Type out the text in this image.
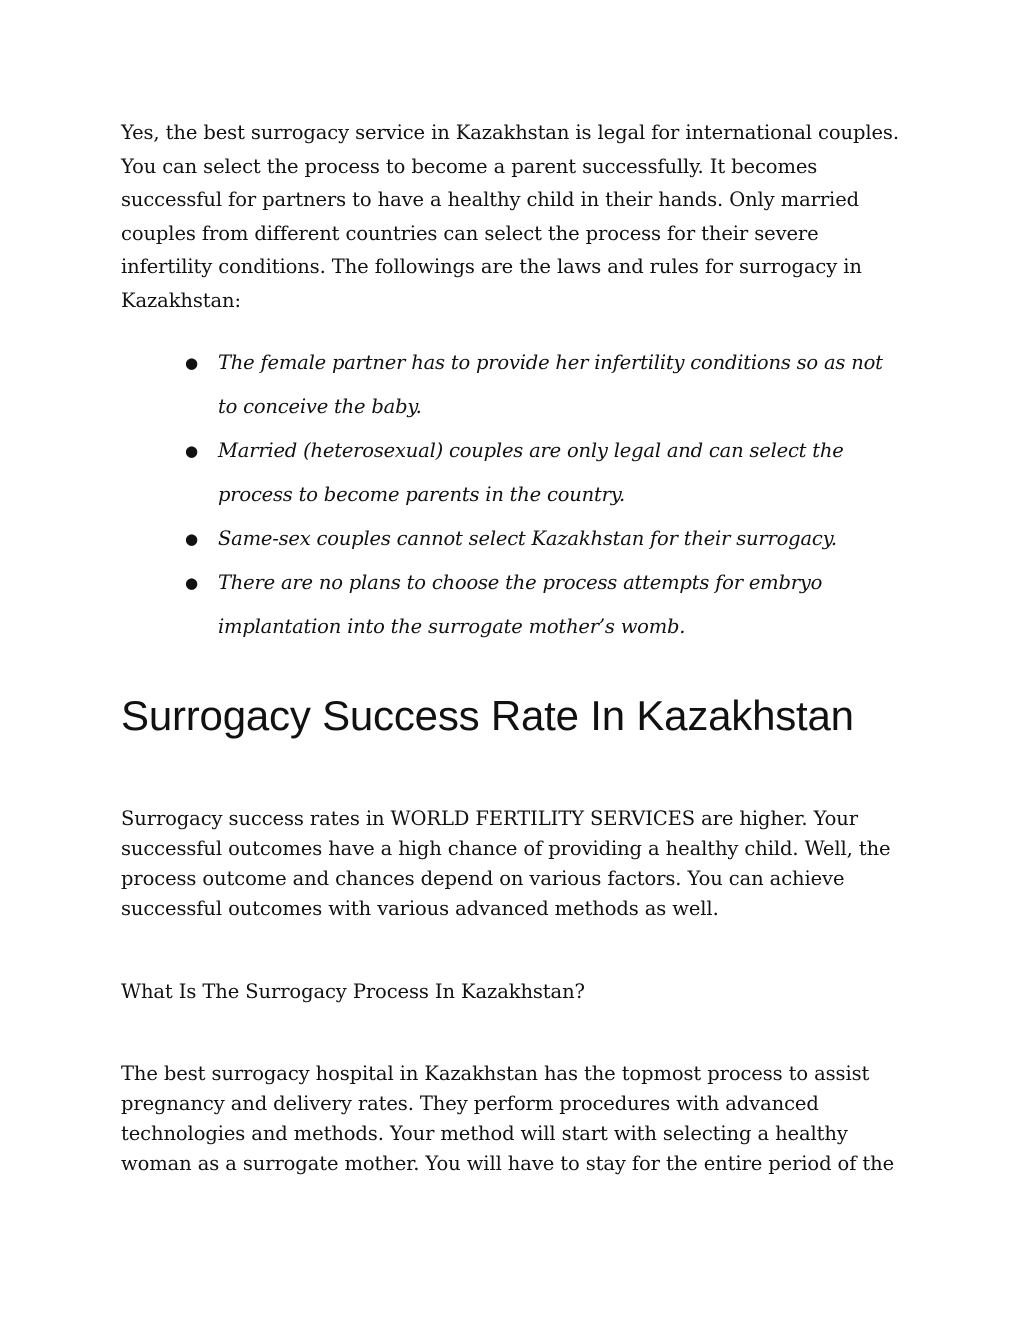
Yes, the best surrogacy service in Kazakhstan is legal for international couples. You can select the process to become a parent successfully. It becomes successful for partners to have a healthy child in their hands. Only married couples from different countries can select the process for their severe infertility conditions. The followings are the laws and rules for surrogacy in Kazakhstan:

● The female partner has to provide her infertility conditions so as not to conceive the baby.
● Married (heterosexual) couples are only legal and can select the process to become parents in the country.
● Same-sex couples cannot select Kazakhstan for their surrogacy.
● There are no plans to choose the process attempts for embryo implantation into the surrogate mother’s womb.
Surrogacy Success Rate In Kazakhstan

Surrogacy success rates in WORLD FERTILITY SERVICES are higher. Your successful outcomes have a high chance of providing a healthy child. Well, the process outcome and chances depend on various factors. You can achieve successful outcomes with various advanced methods as well.

What Is The Surrogacy Process In Kazakhstan?

The best surrogacy hospital in Kazakhstan has the topmost process to assist pregnancy and delivery rates. They perform procedures with advanced technologies and methods. Your method will start with selecting a healthy woman as a surrogate mother. You will have to stay for the entire period of the
